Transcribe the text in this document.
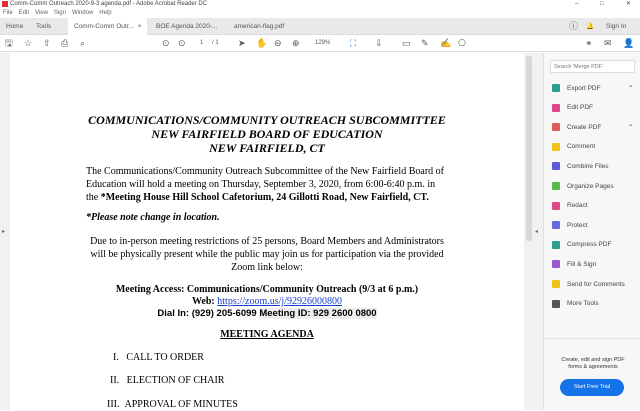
Comm-Comm Outreach 2020-9-3 agenda.pdf - Adobe Acrobat Reader DC	–	□	✕
File Edit View Sign Window Help
Home	Tools	Comm-Comm Outr... ×	BOE Agenda 2020-...	american-flag.pdf	ⓘ	🔔	Sign In
🖫 ☆ ⇧ ⎙ ⌕	⊙ ⊙ 1 / 1 ➤ ✋ ⊖ ⊕	129% ⛶ ⇩ ▭ ✎ ✍ ⎔	⚭ ✉ 👤
▸
COMMUNICATIONS/COMMUNITY OUTREACH SUBCOMMITTEE
NEW FAIRFIELD BOARD OF EDUCATION
NEW FAIRFIELD, CT
The Communications/Community Outreach Subcommittee of the New Fairfield Board of
Education will hold a meeting on Thursday, September 3, 2020, from 6:00-6:40 p.m. in
the *Meeting House Hill School Cafetorium, 24 Gillotti Road, New Fairfield, CT.
*Please note change in location.
Due to in-person meeting restrictions of 25 persons, Board Members and Administrators
will be physically present while the public may join us for participation via the provided
Zoom link below:
Meeting Access: Communications/Community Outreach (9/3 at 6 p.m.)
Web: https://zoom.us/j/92926000800
Dial In: (929) 205-6099 Meeting ID: 929 2600 0800
MEETING AGENDA
I. CALL TO ORDER
II. ELECTION OF CHAIR
III. APPROVAL OF MINUTES
◂
Search 'Merge PDF'
Export PDF	⌄
Edit PDF
Create PDF	⌄
Comment
Combine Files
Organize Pages
Redact
Protect
Compress PDF
Fill & Sign
Send for Comments
More Tools
Create, edit and sign PDF forms & agreements
Start Free Trial
